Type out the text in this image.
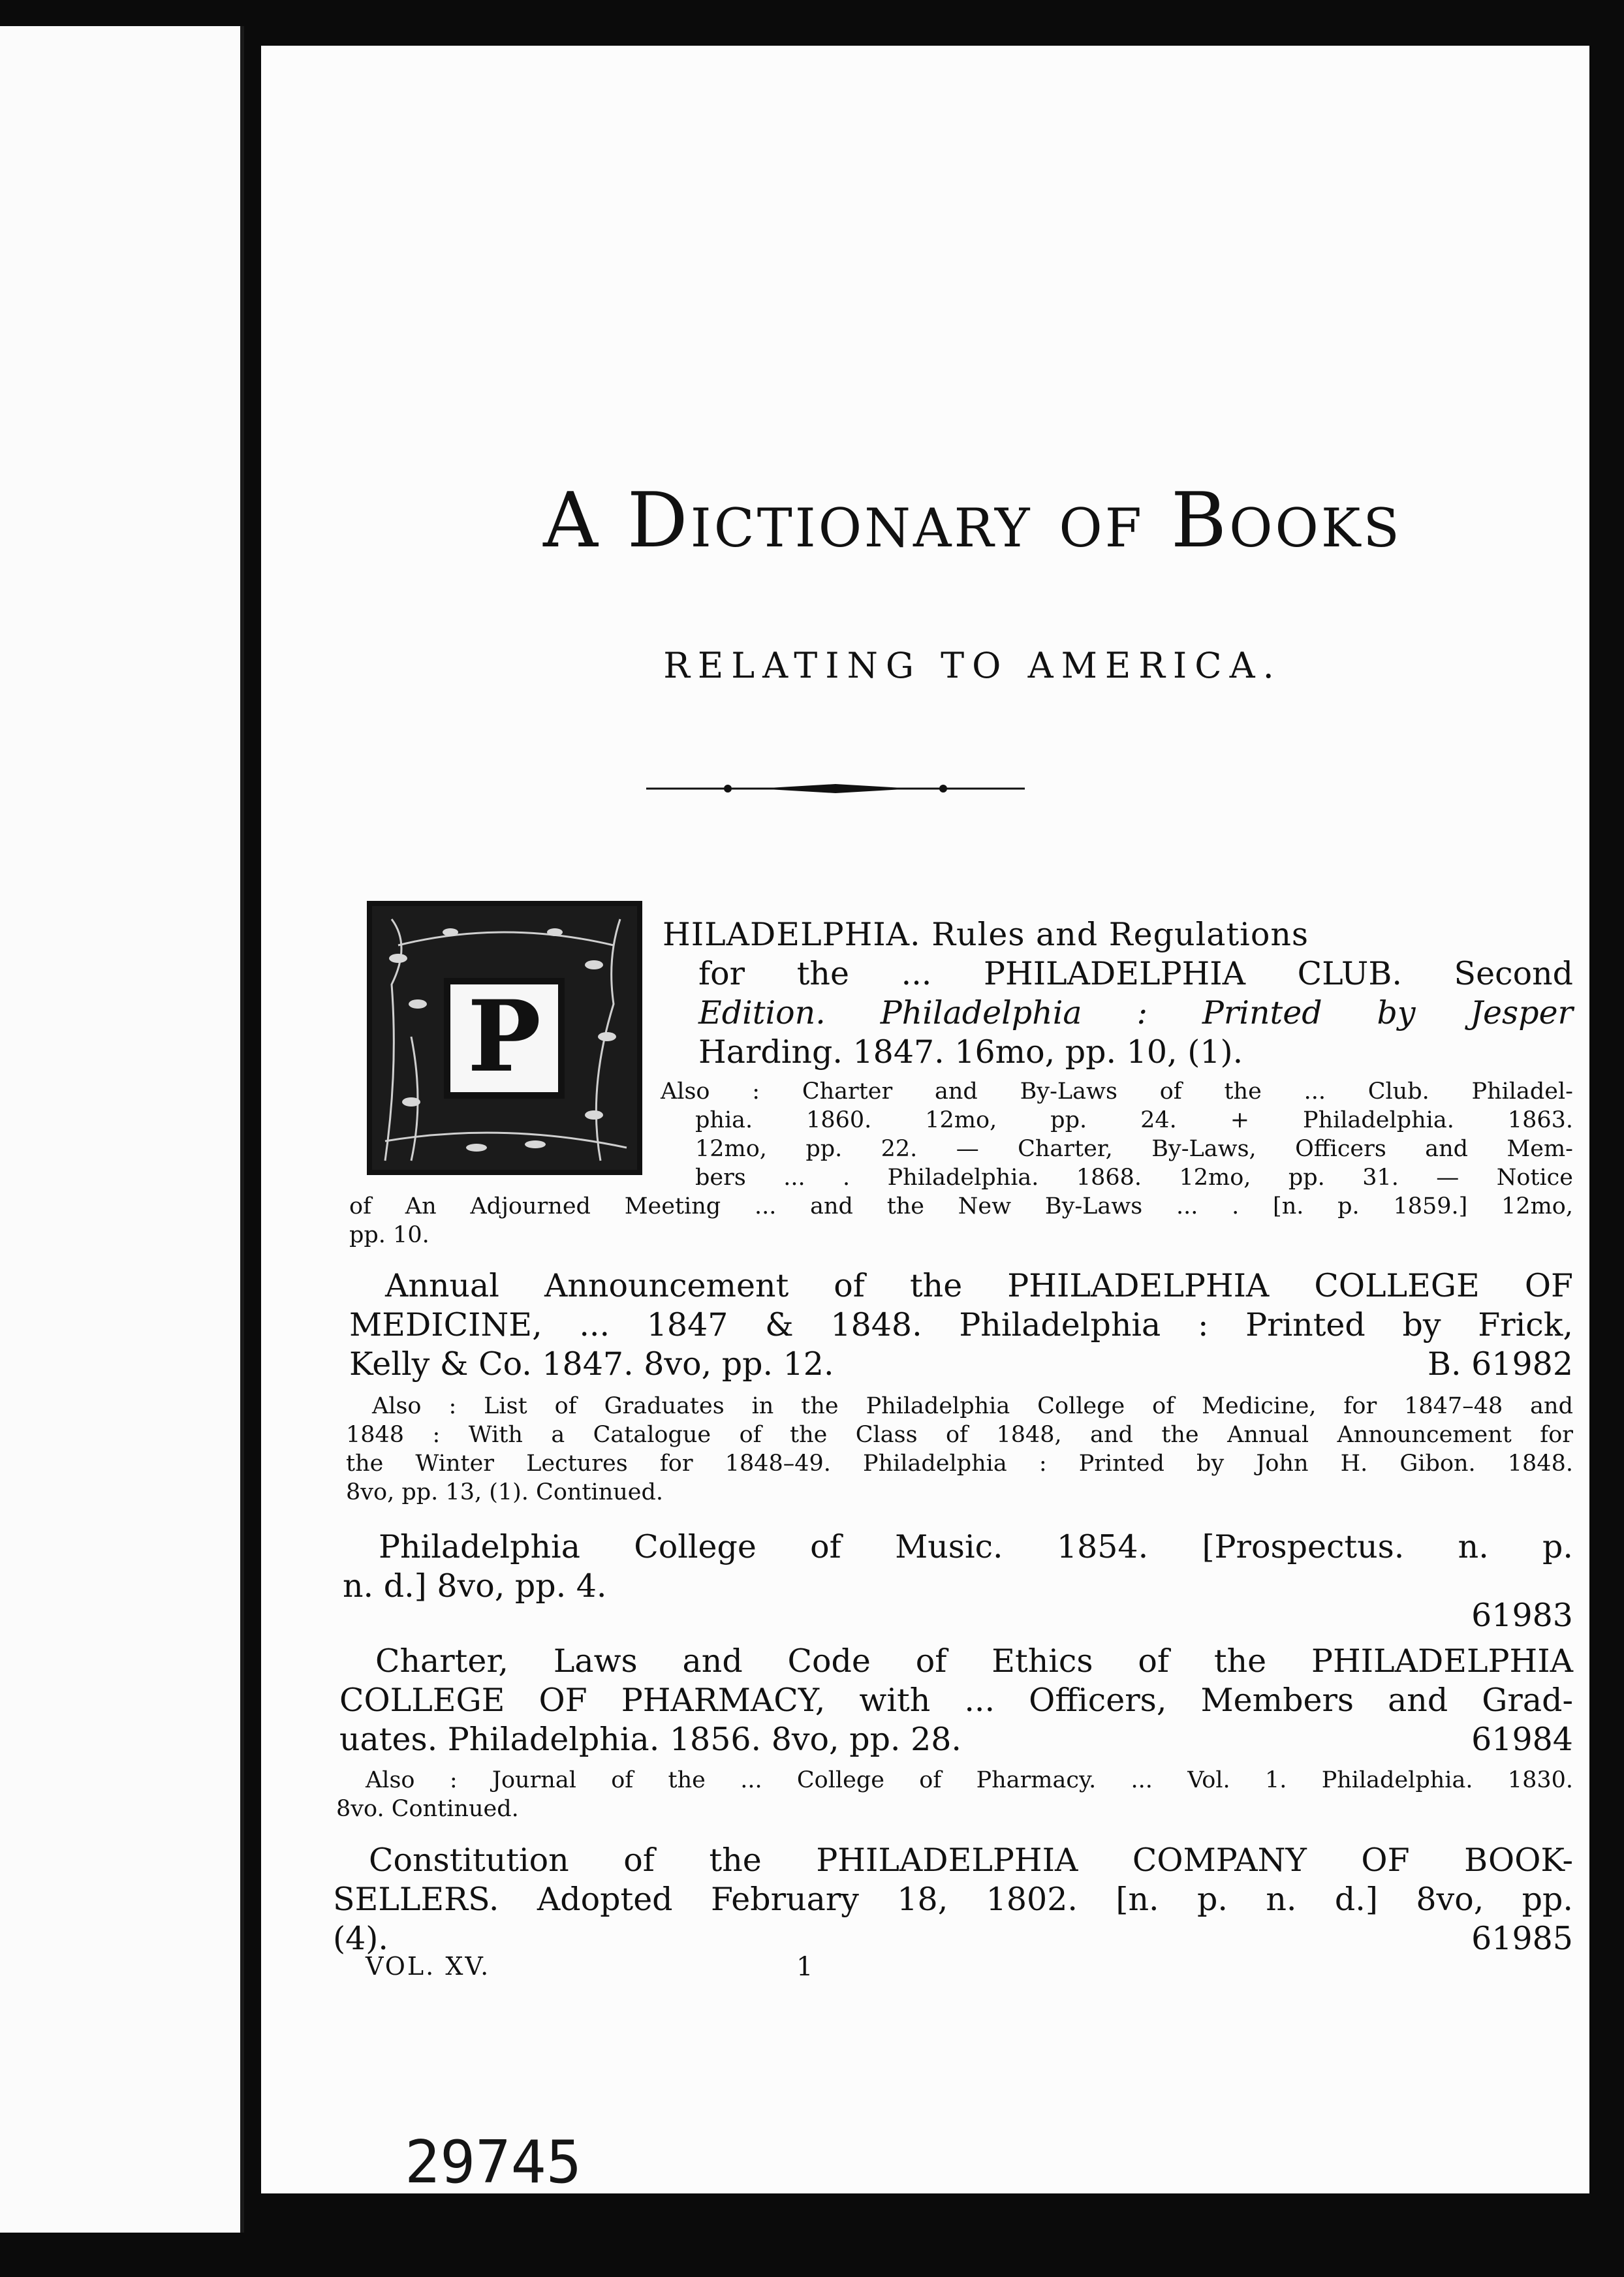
A Dictionary of Books
RELATING TO AMERICA.
P
HILADELPHIA. Rules and Regulations
for the ... PHILADELPHIA CLUB. Second
Edition. Philadelphia : Printed by Jesper
Harding. 1847. 16mo, pp. 10, (1).
Also : Charter and By-Laws of the ... Club. Philadel-
phia. 1860. 12mo, pp. 24. + Philadelphia. 1863.
12mo, pp. 22. — Charter, By-Laws, Officers and Mem-
bers ... . Philadelphia. 1868. 12mo, pp. 31. — Notice
of An Adjourned Meeting ... and the New By-Laws ... . [n. p. 1859.] 12mo,
pp. 10.
Annual Announcement of the PHILADELPHIA COLLEGE OF
MEDICINE, ... 1847 & 1848. Philadelphia : Printed by Frick,
Kelly & Co. 1847. 8vo, pp. 12.	B. 61982
Also : List of Graduates in the Philadelphia College of Medicine, for 1847–48 and
1848 : With a Catalogue of the Class of 1848, and the Annual Announcement for
the Winter Lectures for 1848–49. Philadelphia : Printed by John H. Gibon. 1848.
8vo, pp. 13, (1). Continued.
Philadelphia College of Music. 1854. [Prospectus. n. p.
n. d.] 8vo, pp. 4.
61983
Charter, Laws and Code of Ethics of the PHILADELPHIA
COLLEGE OF PHARMACY, with ... Officers, Members and Grad-
uates. Philadelphia. 1856. 8vo, pp. 28.	61984
Also : Journal of the ... College of Pharmacy. ... Vol. 1. Philadelphia. 1830.
8vo. Continued.
Constitution of the PHILADELPHIA COMPANY OF BOOK-
SELLERS. Adopted February 18, 1802. [n. p. n. d.] 8vo, pp.
(4).	61985
VOL. XV.	1
29745
